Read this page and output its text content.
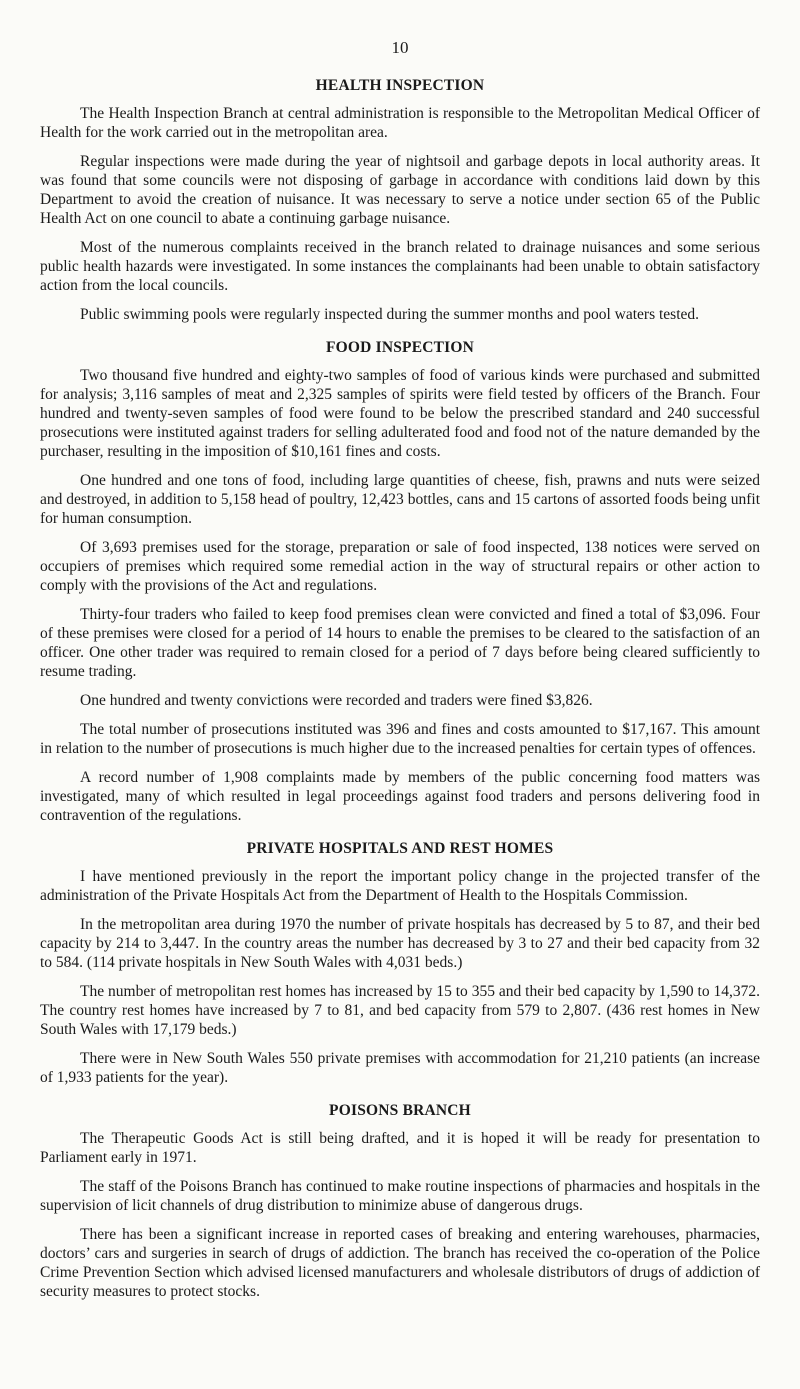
10
HEALTH INSPECTION

The Health Inspection Branch at central administration is responsible to the Metropolitan Medical Officer of Health for the work carried out in the metropolitan area.

Regular inspections were made during the year of nightsoil and garbage depots in local authority areas. It was found that some councils were not disposing of garbage in accordance with conditions laid down by this Department to avoid the creation of nuisance. It was necessary to serve a notice under section 65 of the Public Health Act on one council to abate a continuing garbage nuisance.

Most of the numerous complaints received in the branch related to drainage nuisances and some serious public health hazards were investigated. In some instances the complainants had been unable to obtain satisfactory action from the local councils.

Public swimming pools were regularly inspected during the summer months and pool waters tested.

FOOD INSPECTION

Two thousand five hundred and eighty-two samples of food of various kinds were purchased and submitted for analysis; 3,116 samples of meat and 2,325 samples of spirits were field tested by officers of the Branch. Four hundred and twenty-seven samples of food were found to be below the prescribed standard and 240 successful prosecutions were instituted against traders for selling adulterated food and food not of the nature demanded by the purchaser, resulting in the imposition of $10,161 fines and costs.

One hundred and one tons of food, including large quantities of cheese, fish, prawns and nuts were seized and destroyed, in addition to 5,158 head of poultry, 12,423 bottles, cans and 15 cartons of assorted foods being unfit for human consumption.

Of 3,693 premises used for the storage, preparation or sale of food inspected, 138 notices were served on occupiers of premises which required some remedial action in the way of structural repairs or other action to comply with the provisions of the Act and regulations.

Thirty-four traders who failed to keep food premises clean were convicted and fined a total of $3,096. Four of these premises were closed for a period of 14 hours to enable the premises to be cleared to the satisfaction of an officer. One other trader was required to remain closed for a period of 7 days before being cleared sufficiently to resume trading.

One hundred and twenty convictions were recorded and traders were fined $3,826.

The total number of prosecutions instituted was 396 and fines and costs amounted to $17,167. This amount in relation to the number of prosecutions is much higher due to the increased penalties for certain types of offences.

A record number of 1,908 complaints made by members of the public concerning food matters was investigated, many of which resulted in legal proceedings against food traders and persons delivering food in contravention of the regulations.

PRIVATE HOSPITALS AND REST HOMES

I have mentioned previously in the report the important policy change in the projected transfer of the administration of the Private Hospitals Act from the Department of Health to the Hospitals Commission.

In the metropolitan area during 1970 the number of private hospitals has decreased by 5 to 87, and their bed capacity by 214 to 3,447. In the country areas the number has decreased by 3 to 27 and their bed capacity from 32 to 584. (114 private hospitals in New South Wales with 4,031 beds.)

The number of metropolitan rest homes has increased by 15 to 355 and their bed capacity by 1,590 to 14,372. The country rest homes have increased by 7 to 81, and bed capacity from 579 to 2,807. (436 rest homes in New South Wales with 17,179 beds.)

There were in New South Wales 550 private premises with accommodation for 21,210 patients (an increase of 1,933 patients for the year).

POISONS BRANCH

The Therapeutic Goods Act is still being drafted, and it is hoped it will be ready for presentation to Parliament early in 1971.

The staff of the Poisons Branch has continued to make routine inspections of pharmacies and hospitals in the supervision of licit channels of drug distribution to minimize abuse of dangerous drugs.

There has been a significant increase in reported cases of breaking and entering warehouses, pharmacies, doctors’ cars and surgeries in search of drugs of addiction. The branch has received the co-operation of the Police Crime Prevention Section which advised licensed manufacturers and wholesale distributors of drugs of addiction of security measures to protect stocks.
